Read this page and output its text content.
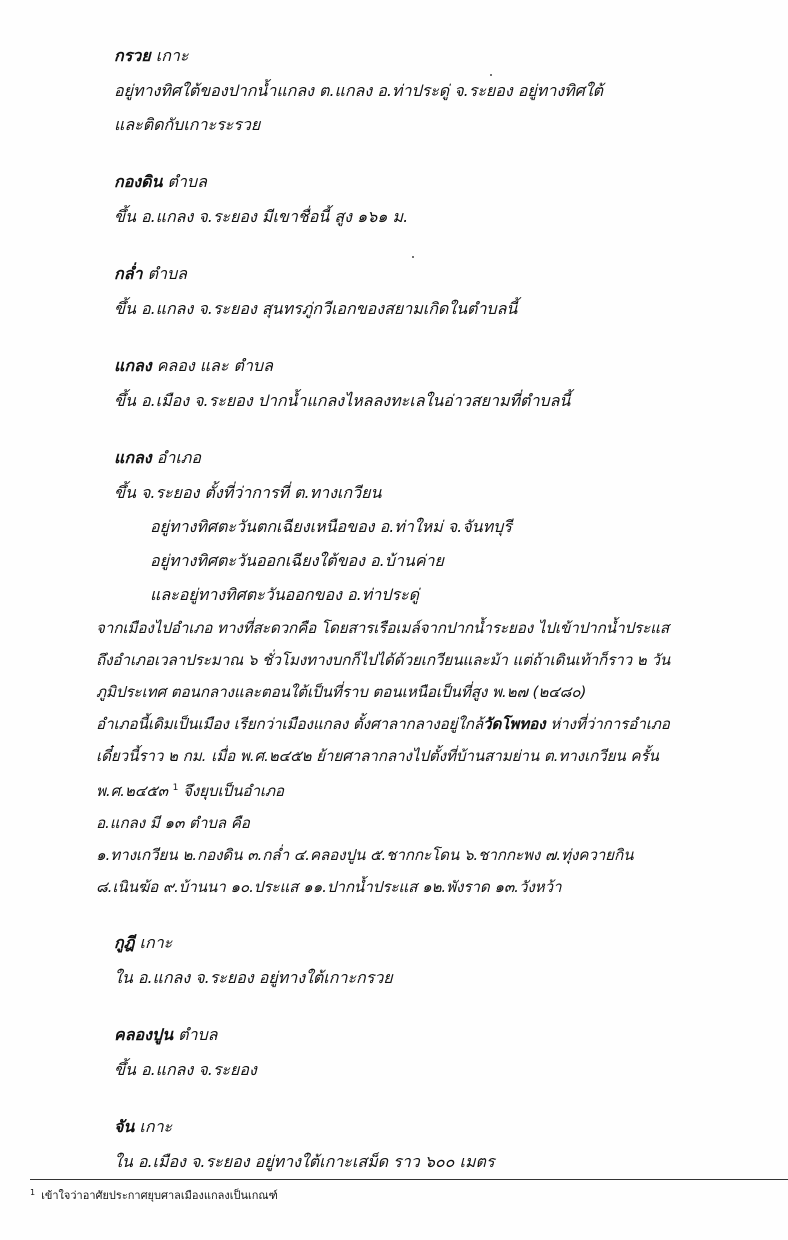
กรวย เกาะ
อยู่ทางทิศใต้ของปากน้ำแกลง ต.แกลง อ.ท่าประดู่ จ.ระยอง อยู่ทางทิศใต้
และติดกับเกาะระรวย
กองดิน ตำบล
ขึ้น อ.แกลง จ.ระยอง มีเขาชื่อนี้ สูง ๑๖๑ ม.
กล่ำ ตำบล
ขึ้น อ.แกลง จ.ระยอง สุนทรภู่กวีเอกของสยามเกิดในตำบลนี้
แกลง คลอง และ ตำบล
ขึ้น อ.เมือง จ.ระยอง ปากน้ำแกลงไหลลงทะเลในอ่าวสยามที่ตำบลนี้
แกลง อำเภอ
ขึ้น จ.ระยอง ตั้งที่ว่าการที่ ต.ทางเกวียน
อยู่ทางทิศตะวันตกเฉียงเหนือของ อ.ท่าใหม่ จ.จันทบุรี
อยู่ทางทิศตะวันออกเฉียงใต้ของ อ.บ้านค่าย
และอยู่ทางทิศตะวันออกของ อ.ท่าประดู่
จากเมืองไปอำเภอ ทางที่สะดวกคือ โดยสารเรือเมล์จากปากน้ำระยอง ไปเข้าปากน้ำประแส
ถึงอำเภอเวลาประมาณ ๖ ชั่วโมงทางบกก็ไปได้ด้วยเกวียนและม้า แต่ถ้าเดินเท้าก็ราว ๒ วัน
ภูมิประเทศ ตอนกลางและตอนใต้เป็นที่ราบ ตอนเหนือเป็นที่สูง พ.๒๗ (๒๔๘๐)
อำเภอนี้เดิมเป็นเมือง เรียกว่าเมืองแกลง ตั้งศาลากลางอยู่ใกล้วัดโพทอง ห่างที่ว่าการอำเภอ
เดี๋ยวนี้ราว ๒ กม. เมื่อ พ.ศ.๒๔๕๒ ย้ายศาลากลางไปตั้งที่บ้านสามย่าน ต.ทางเกวียน ครั้น
พ.ศ.๒๔๕๓ $^1$ จึงยุบเป็นอำเภอ
อ.แกลง มี ๑๓ ตำบล คือ
๑.ทางเกวียน ๒.กองดิน ๓.กล่ำ ๔.คลองปูน ๕.ชากกะโดน ๖.ชากกะพง ๗.ทุ่งควายกิน
๘.เนินฆ้อ ๙.บ้านนา ๑๐.ประแส ๑๑.ปากน้ำประแส ๑๒.พังราด ๑๓.วังหว้า
กูฎี เกาะ
ใน อ.แกลง จ.ระยอง อยู่ทางใต้เกาะกรวย
คลองปูน ตำบล
ขึ้น อ.แกลง จ.ระยอง
จัน เกาะ
ใน อ.เมือง จ.ระยอง อยู่ทางใต้เกาะเสม็ด ราว ๖๐๐ เมตร
$^1$ เข้าใจว่าอาศัยประกาศยุบศาลเมืองแกลงเป็นเกณฑ์
